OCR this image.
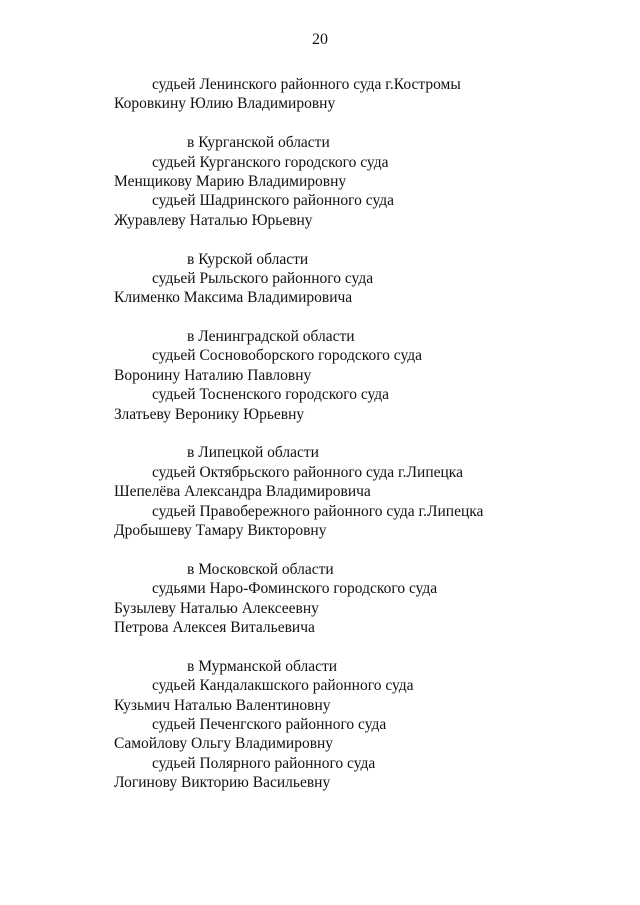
20
судьей Ленинского районного суда г.Костромы
Коровкину Юлию Владимировну
в Курганской области
судьей Курганского городского суда
Менщикову Марию Владимировну
судьей Шадринского районного суда
Журавлеву Наталью Юрьевну
в Курской области
судьей Рыльского районного суда
Клименко Максима Владимировича
в Ленинградской области
судьей Сосновоборского городского суда
Воронину Наталию Павловну
судьей Тосненского городского суда
Златьеву Веронику Юрьевну
в Липецкой области
судьей Октябрьского районного суда г.Липецка
Шепелёва Александра Владимировича
судьей Правобережного районного суда г.Липецка
Дробышеву Тамару Викторовну
в Московской области
судьями Наро-Фоминского городского суда
Бузылеву Наталью Алексеевну
Петрова Алексея Витальевича
в Мурманской области
судьей Кандалакшского районного суда
Кузьмич Наталью Валентиновну
судьей Печенгского районного суда
Самойлову Ольгу Владимировну
судьей Полярного районного суда
Логинову Викторию Васильевну
